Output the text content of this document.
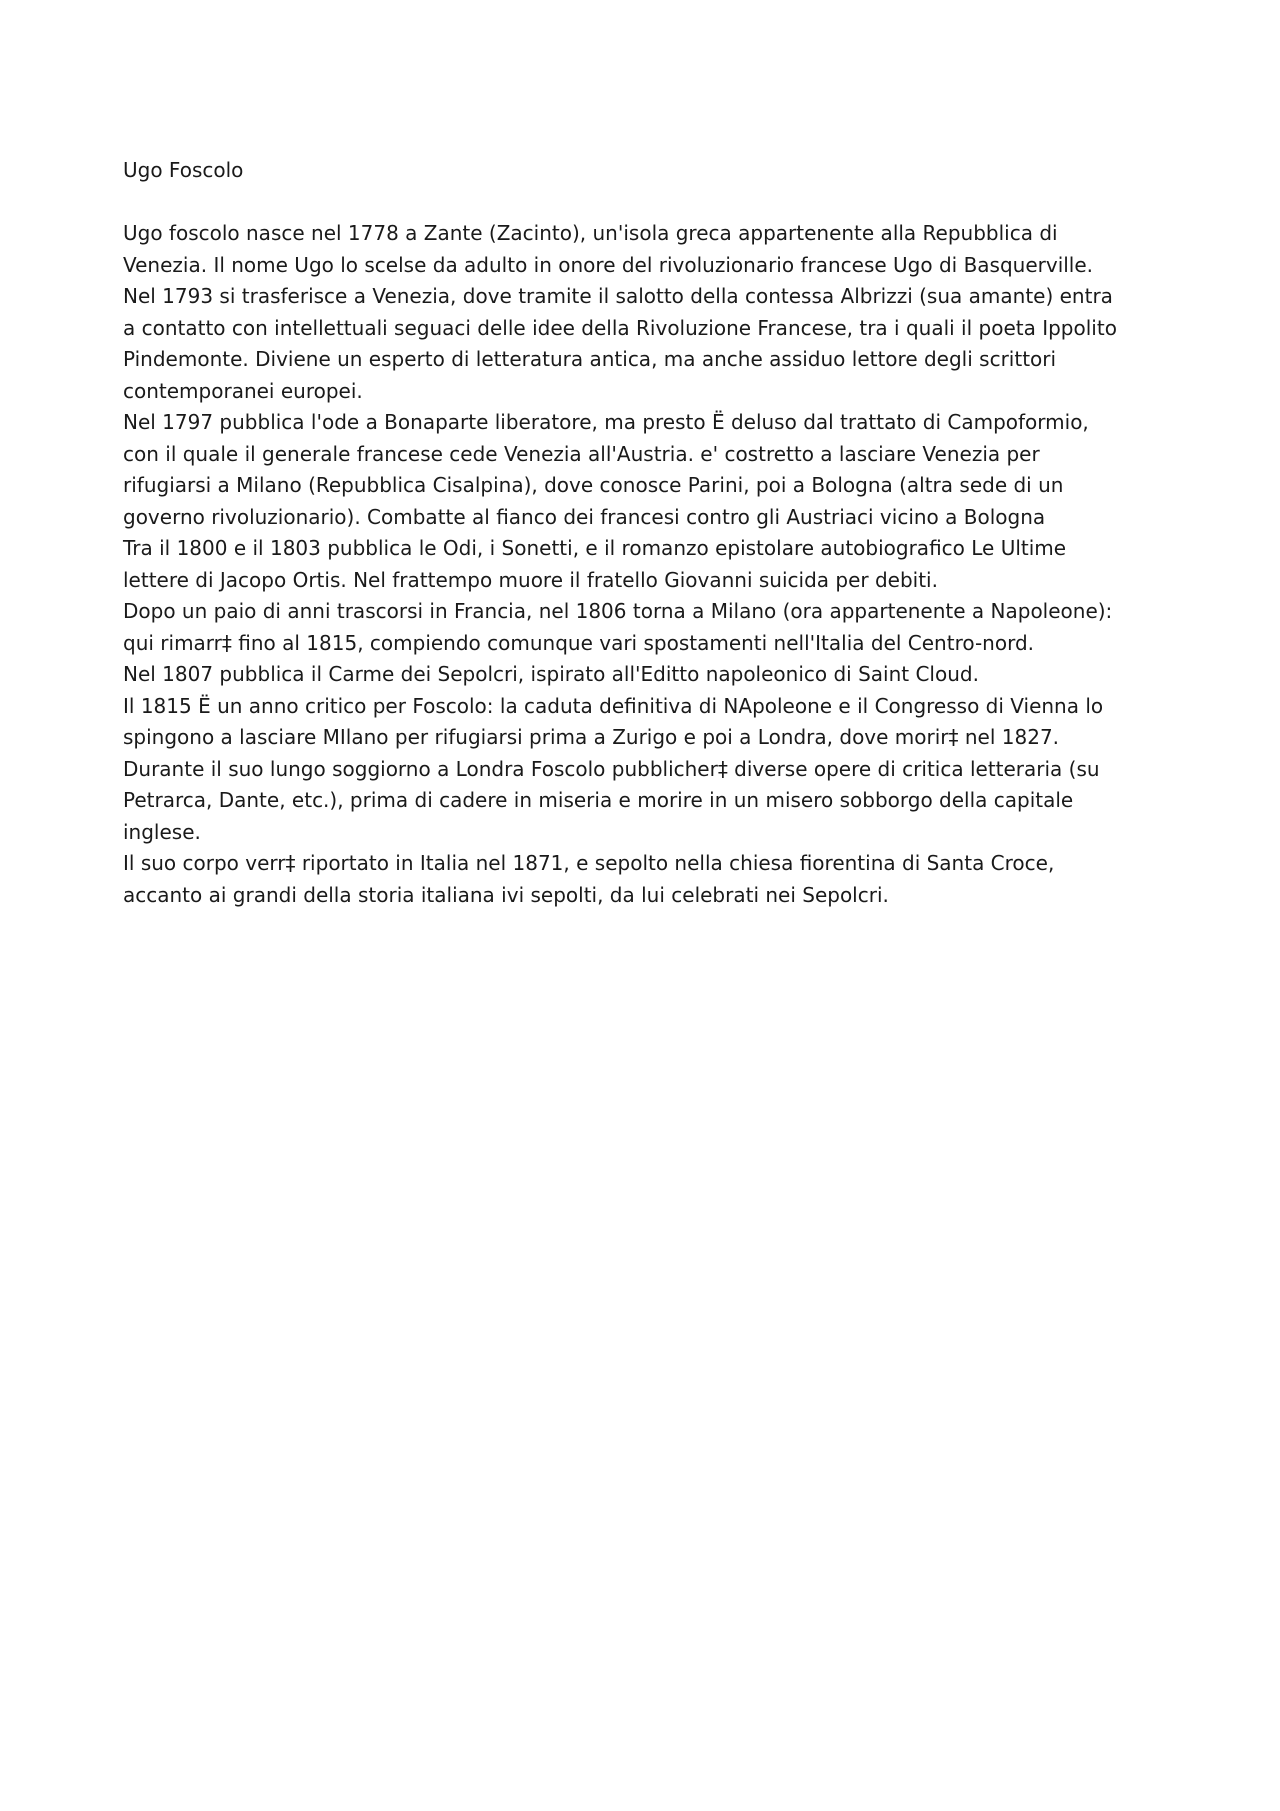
Ugo Foscolo
Ugo foscolo nasce nel 1778 a Zante (Zacinto), un'isola greca appartenente alla Repubblica di
Venezia. Il nome Ugo lo scelse da adulto in onore del rivoluzionario francese Ugo di Basquerville.
Nel 1793 si trasferisce a Venezia, dove tramite il salotto della contessa Albrizzi (sua amante) entra
a contatto con intellettuali seguaci delle idee della Rivoluzione Francese, tra i quali il poeta Ippolito
Pindemonte. Diviene un esperto di letteratura antica, ma anche assiduo lettore degli scrittori
contemporanei europei.
Nel 1797 pubblica l'ode a Bonaparte liberatore, ma presto Ë deluso dal trattato di Campoformio,
con il quale il generale francese cede Venezia all'Austria. e' costretto a lasciare Venezia per
rifugiarsi a Milano (Repubblica Cisalpina), dove conosce Parini, poi a Bologna (altra sede di un
governo rivoluzionario). Combatte al fianco dei francesi contro gli Austriaci vicino a Bologna
Tra il 1800 e il 1803 pubblica le Odi, i Sonetti, e il romanzo epistolare autobiografico Le Ultime
lettere di Jacopo Ortis. Nel frattempo muore il fratello Giovanni suicida per debiti.
Dopo un paio di anni trascorsi in Francia, nel 1806 torna a Milano (ora appartenente a Napoleone):
qui rimarr‡ fino al 1815, compiendo comunque vari spostamenti nell'Italia del Centro-nord.
Nel 1807 pubblica il Carme dei Sepolcri, ispirato all'Editto napoleonico di Saint Cloud.
Il 1815 Ë un anno critico per Foscolo: la caduta definitiva di NApoleone e il Congresso di Vienna lo
spingono a lasciare MIlano per rifugiarsi prima a Zurigo e poi a Londra, dove morir‡ nel 1827.
Durante il suo lungo soggiorno a Londra Foscolo pubblicher‡ diverse opere di critica letteraria (su
Petrarca, Dante, etc.), prima di cadere in miseria e morire in un misero sobborgo della capitale
inglese.
Il suo corpo verr‡ riportato in Italia nel 1871, e sepolto nella chiesa fiorentina di Santa Croce,
accanto ai grandi della storia italiana ivi sepolti, da lui celebrati nei Sepolcri.
